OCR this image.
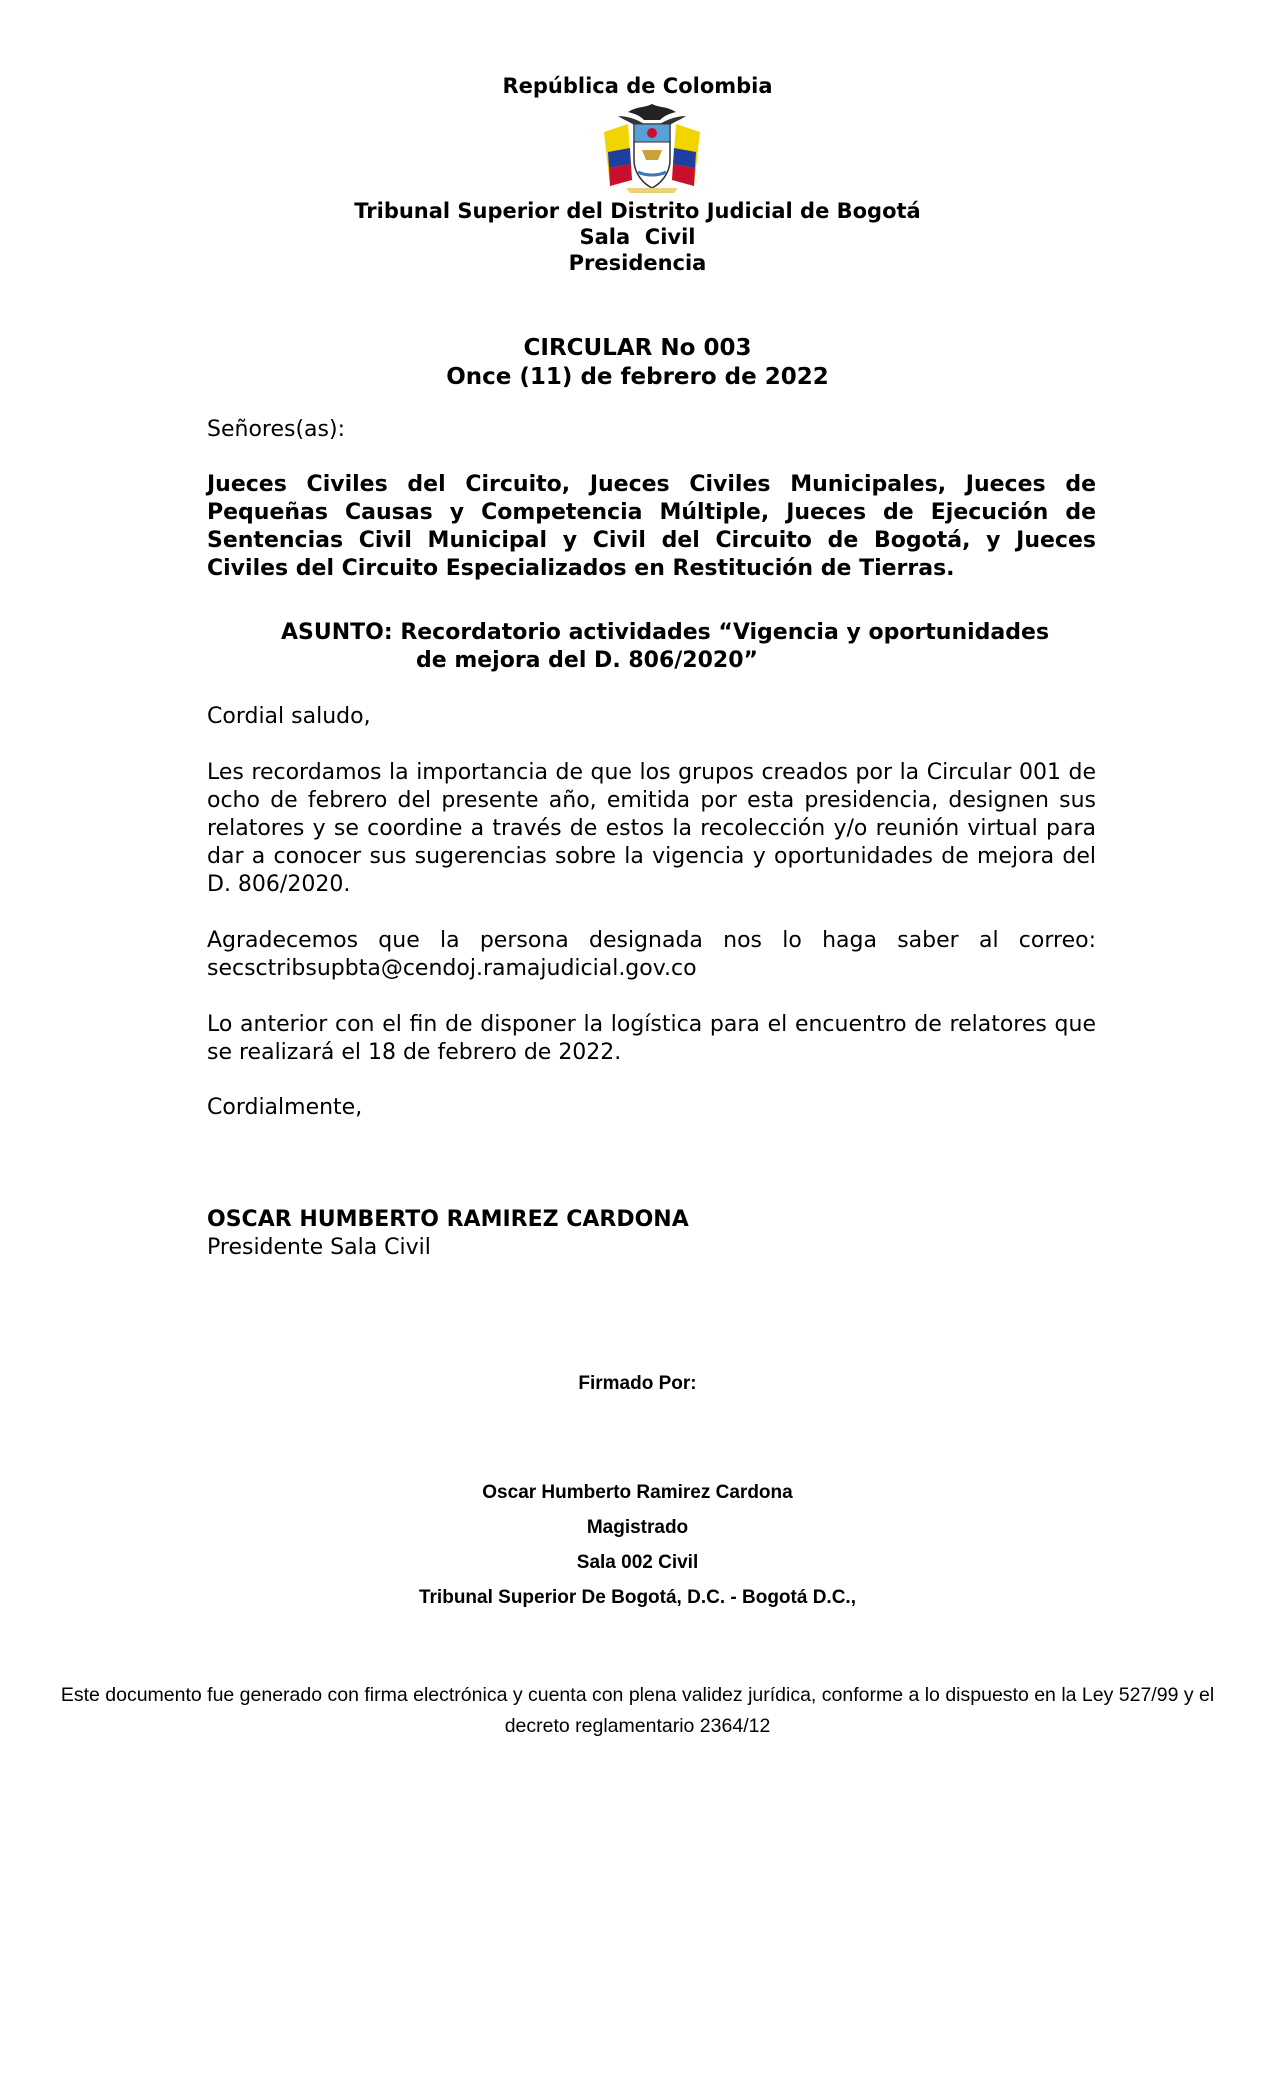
República de Colombia
Tribunal Superior del Distrito Judicial de Bogotá
Sala  Civil
Presidencia
CIRCULAR No 003
Once (11) de febrero de 2022
Señores(as):
Jueces Civiles del Circuito, Jueces Civiles Municipales, Jueces de Pequeñas Causas y Competencia Múltiple, Jueces de Ejecución de Sentencias Civil Municipal y Civil del Circuito de Bogotá, y Jueces Civiles del Circuito Especializados en Restitución de Tierras.
ASUNTO: Recordatorio actividades “Vigencia y oportunidades
de mejora del D. 806/2020”
Cordial saludo,
Les recordamos la importancia de que los grupos creados por la Circular 001 de ocho de febrero del presente año, emitida por esta presidencia, designen sus relatores y se coordine a través de estos la recolección y/o reunión virtual para dar a conocer sus sugerencias sobre la vigencia y oportunidades de mejora del D. 806/2020.
Agradecemos que la persona designada nos lo haga saber al correo: secsctribsupbta@cendoj.ramajudicial.gov.co
Lo anterior con el fin de disponer la logística para el encuentro de relatores que se realizará el 18 de febrero de 2022.
Cordialmente,
OSCAR HUMBERTO RAMIREZ CARDONA
Presidente Sala Civil
Firmado Por:
Oscar Humberto Ramirez Cardona
Magistrado
Sala 002 Civil
Tribunal Superior De Bogotá, D.C. - Bogotá D.C.,
Este documento fue generado con firma electrónica y cuenta con plena validez jurídica, conforme a lo dispuesto en la Ley 527/99 y el decreto reglamentario 2364/12
